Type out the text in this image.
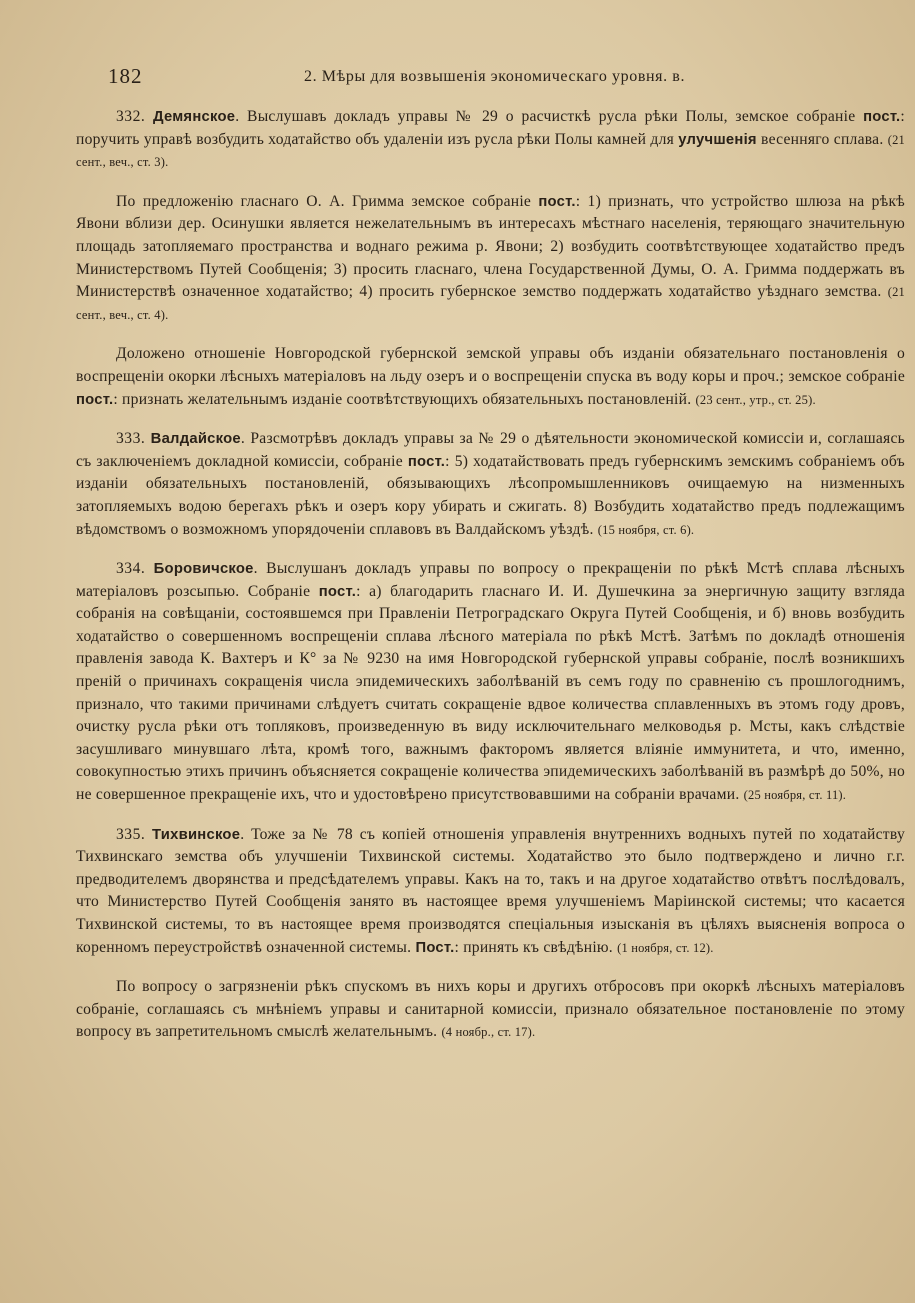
182	2. Мѣры для возвышенія экономическаго уровня. в.

332. Демянское. Выслушавъ докладъ управы № 29 о расчисткѣ русла рѣки Полы, земское собраніе пост.: поручить управѣ возбудить ходатайство объ удаленіи изъ русла рѣки Полы камней для улучшенія весенняго сплава. (21 сент., веч., ст. 3).

По предложенію гласнаго О. А. Гримма земское собраніе пост.: 1) признать, что устройство шлюза на рѣкѣ Явони вблизи дер. Осинушки является нежелательнымъ въ интересахъ мѣстнаго населенія, теряющаго значительную площадь затопляемаго пространства и воднаго режима р. Явони; 2) возбудить соотвѣтствующее ходатайство предъ Министерствомъ Путей Сообщенія; 3) просить гласнаго, члена Государственной Думы, О. А. Гримма поддержать въ Министерствѣ означенное ходатайство; 4) просить губернское земство поддержать ходатайство уѣзднаго земства. (21 сент., веч., ст. 4).

Доложено отношеніе Новгородской губернской земской управы объ изданіи обязательнаго постановленія о воспрещеніи окорки лѣсныхъ матеріаловъ на льду озеръ и о воспрещеніи спуска въ воду коры и проч.; земское собраніе пост.: признать желательнымъ изданіе соотвѣтствующихъ обязательныхъ постановленій. (23 сент., утр., ст. 25).

333. Валдайское. Разсмотрѣвъ докладъ управы за № 29 о дѣятельности экономической комиссіи и, соглашаясь съ заключеніемъ докладной комиссіи, собраніе пост.: 5) ходатайствовать предъ губернскимъ земскимъ собраніемъ объ изданіи обязательныхъ постановленій, обязывающихъ лѣсопромышленниковъ очищаемую на низменныхъ затопляемыхъ водою берегахъ рѣкъ и озеръ кору убирать и сжигать. 8) Возбудить ходатайство предъ подлежащимъ вѣдомствомъ о возможномъ упорядоченіи сплавовъ въ Валдайскомъ уѣздѣ. (15 ноября, ст. 6).

334. Боровичское. Выслушанъ докладъ управы по вопросу о прекращеніи по рѣкѣ Мстѣ сплава лѣсныхъ матеріаловъ розсыпью. Собраніе пост.: а) благодарить гласнаго И. И. Душечкина за энергичную защиту взгляда собранія на совѣщаніи, состоявшемся при Правленіи Петроградскаго Округа Путей Сообщенія, и б) вновь возбудить ходатайство о совершенномъ воспрещеніи сплава лѣсного матеріала по рѣкѣ Мстѣ. Затѣмъ по докладѣ отношенія правленія завода К. Вахтеръ и К° за № 9230 на имя Новгородской губернской управы собраніе, послѣ возникшихъ преній о причинахъ сокращенія числа эпидемическихъ заболѣваній въ семъ году по сравненію съ прошлогоднимъ, признало, что такими причинами слѣдуетъ считать сокращеніе вдвое количества сплавленныхъ въ этомъ году дровъ, очистку русла рѣки отъ топляковъ, произведенную въ виду исключительнаго мелководья р. Мсты, какъ слѣдствіе засушливаго минувшаго лѣта, кромѣ того, важнымъ факторомъ является вліяніе иммунитета, и что, именно, совокупностью этихъ причинъ объясняется сокращеніе количества эпидемическихъ заболѣваній въ размѣрѣ до 50%, но не совершенное прекращеніе ихъ, что и удостовѣрено присутствовавшими на собраніи врачами. (25 ноября, ст. 11).

335. Тихвинское. Тоже за № 78 съ копіей отношенія управленія внутреннихъ водныхъ путей по ходатайству Тихвинскаго земства объ улучшеніи Тихвинской системы. Ходатайство это было подтверждено и лично г.г. предводителемъ дворянства и предсѣдателемъ управы. Какъ на то, такъ и на другое ходатайство отвѣтъ послѣдовалъ, что Министерство Путей Сообщенія занято въ настоящее время улучшеніемъ Маріинской системы; что касается Тихвинской системы, то въ настоящее время производятся спеціальныя изысканія въ цѣляхъ выясненія вопроса о коренномъ переустройствѣ означенной системы. Пост.: принять къ свѣдѣнію. (1 ноября, ст. 12).

По вопросу о загрязненіи рѣкъ спускомъ въ нихъ коры и другихъ отбросовъ при окоркѣ лѣсныхъ матеріаловъ собраніе, соглашаясь съ мнѣніемъ управы и санитарной комиссіи, признало обязательное постановленіе по этому вопросу въ запретительномъ смыслѣ желательнымъ. (4 ноябр., ст. 17).
